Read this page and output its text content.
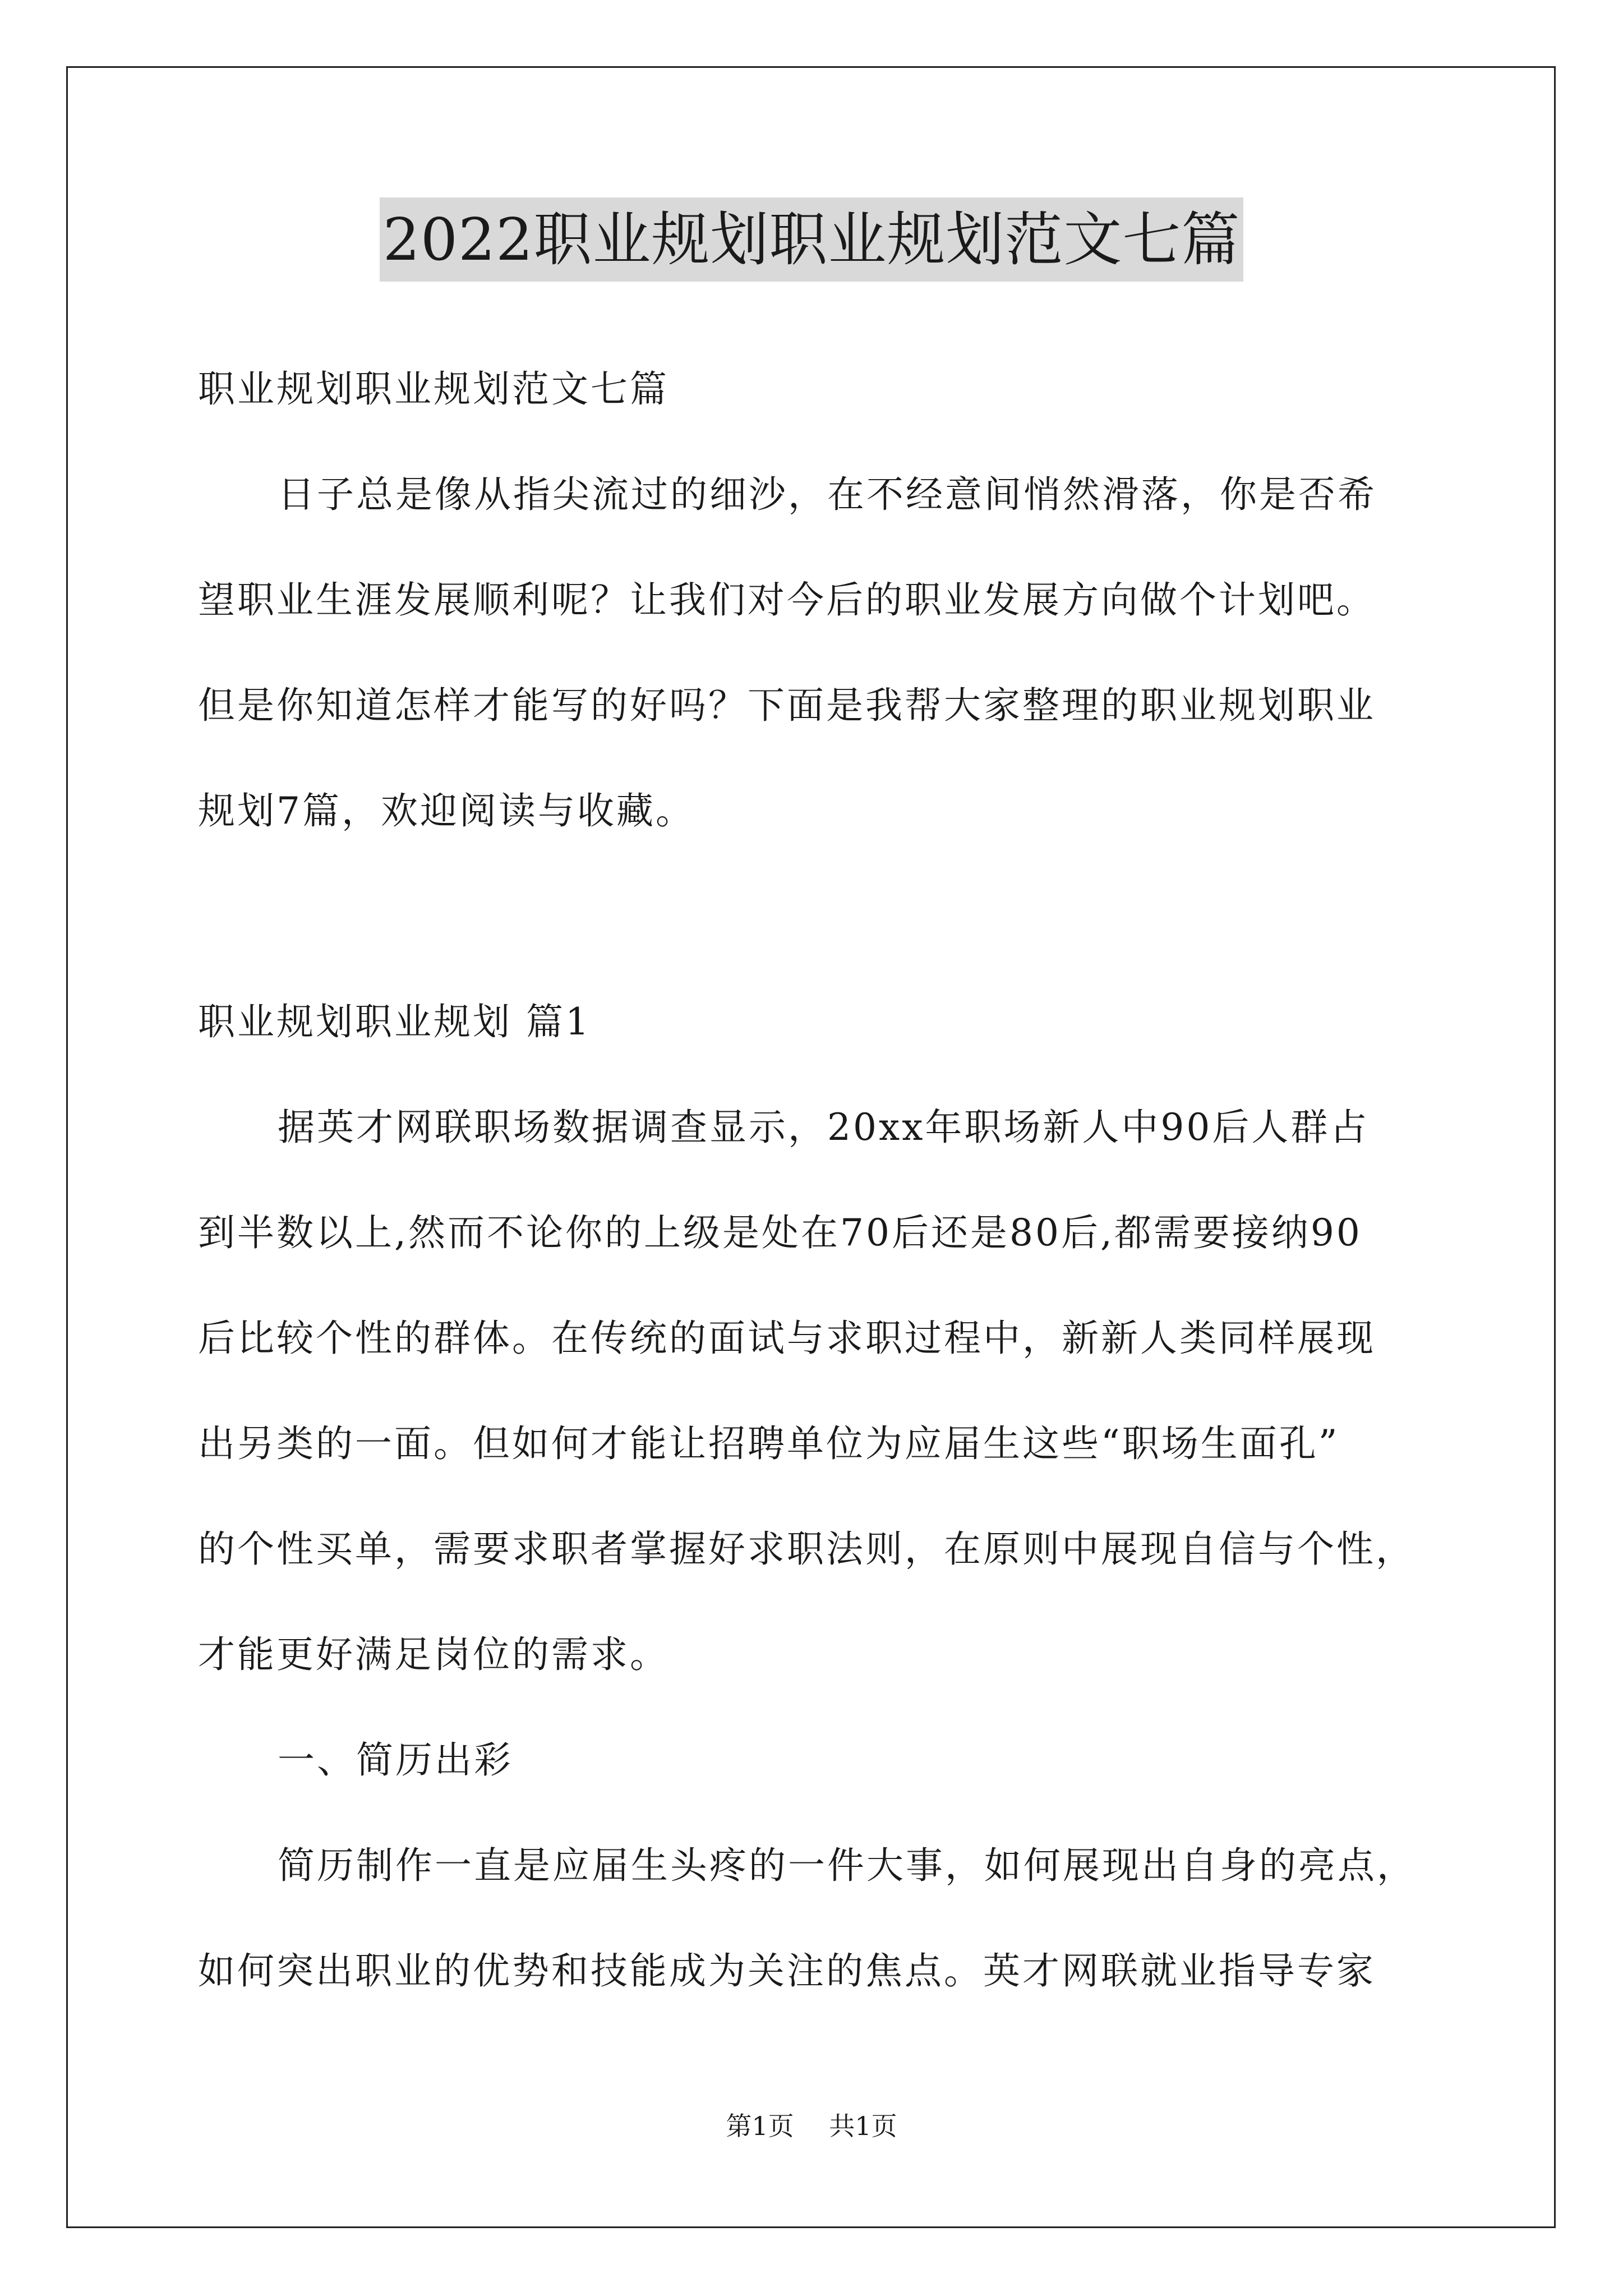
2022职业规划职业规划范文七篇

职业规划职业规划范文七篇

日子总是像从指尖流过的细沙，在不经意间悄然滑落，你是否希

望职业生涯发展顺利呢？让我们对今后的职业发展方向做个计划吧。

但是你知道怎样才能写的好吗？下面是我帮大家整理的职业规划职业

规划7篇，欢迎阅读与收藏。

职业规划职业规划 篇1

据英才网联职场数据调查显示，20xx年职场新人中90后人群占

到半数以上,然而不论你的上级是处在70后还是80后,都需要接纳90

后比较个性的群体。在传统的面试与求职过程中，新新人类同样展现

出另类的一面。但如何才能让招聘单位为应届生这些“职场生面孔”

的个性买单，需要求职者掌握好求职法则，在原则中展现自信与个性，

才能更好满足岗位的需求。

一、简历出彩

简历制作一直是应届生头疼的一件大事，如何展现出自身的亮点，

如何突出职业的优势和技能成为关注的焦点。英才网联就业指导专家

第1页 共1页
